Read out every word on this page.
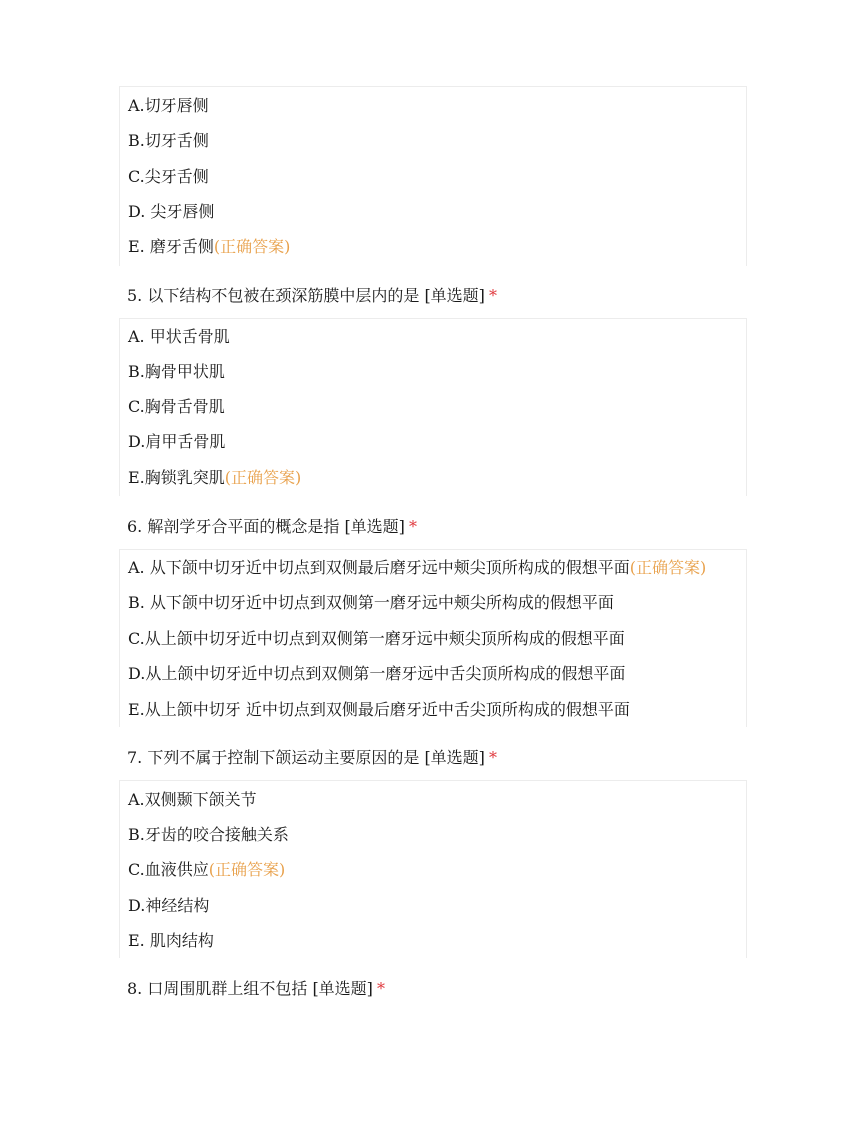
A.切牙唇侧
B.切牙舌侧
C.尖牙舌侧
D. 尖牙唇侧
E. 磨牙舌侧(正确答案)
5. 以下结构不包被在颈深筋膜中层内的是 [单选题] *
A. 甲状舌骨肌
B.胸骨甲状肌
C.胸骨舌骨肌
D.肩甲舌骨肌
E.胸锁乳突肌(正确答案)
6. 解剖学牙合平面的概念是指 [单选题] *
A. 从下颌中切牙近中切点到双侧最后磨牙远中颊尖顶所构成的假想平面(正确答案)
B. 从下颌中切牙近中切点到双侧第一磨牙远中颊尖所构成的假想平面
C.从上颌中切牙近中切点到双侧第一磨牙远中颊尖顶所构成的假想平面
D.从上颌中切牙近中切点到双侧第一磨牙远中舌尖顶所构成的假想平面
E.从上颌中切牙 近中切点到双侧最后磨牙近中舌尖顶所构成的假想平面
7. 下列不属于控制下颌运动主要原因的是 [单选题] *
A.双侧颞下颌关节
B.牙齿的咬合接触关系
C.血液供应(正确答案)
D.神经结构
E. 肌肉结构
8. 口周围肌群上组不包括 [单选题] *
